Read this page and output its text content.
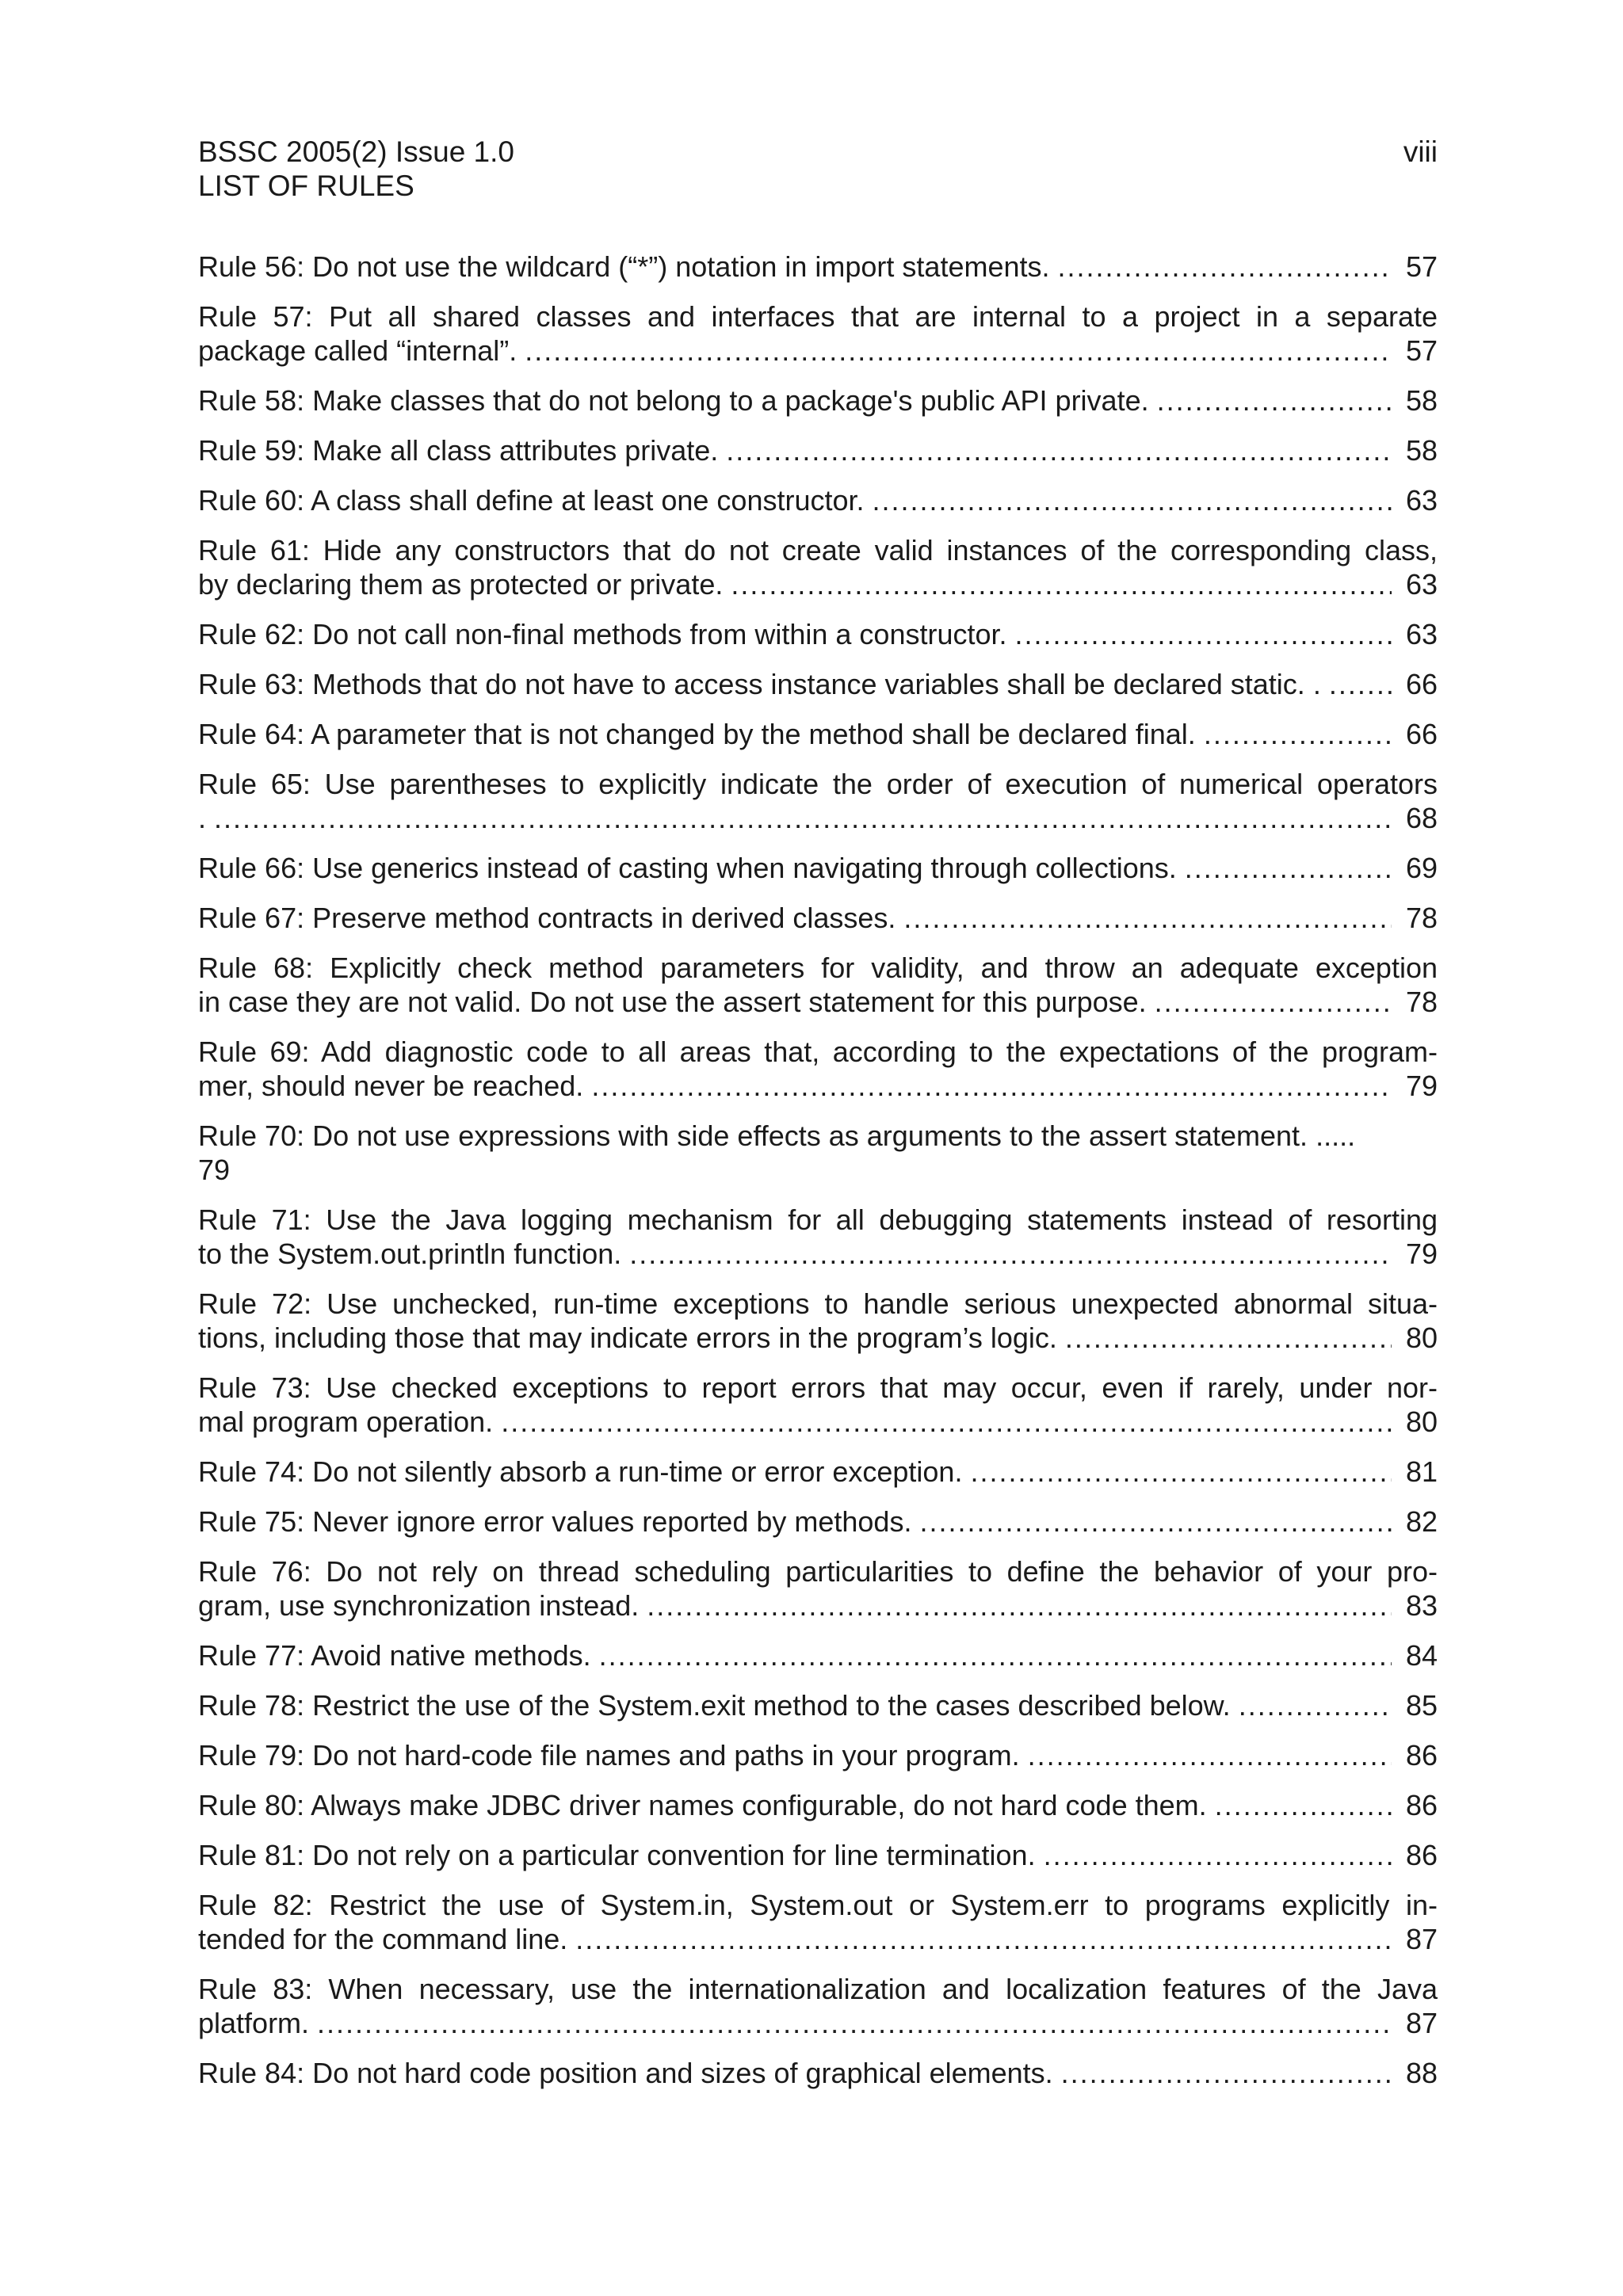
BSSC 2005(2) Issue 1.0	viii
LIST OF RULES
Rule 56: Do not use the wildcard (“*”) notation in import statements. .....	57
Rule 57: Put all shared classes and interfaces that are internal to a project in a separate
package called “internal”. .....	57
Rule 58: Make classes that do not belong to a package's public API private. .....	58
Rule 59: Make all class attributes private. .....	58
Rule 60: A class shall define at least one constructor. .....	63
Rule 61: Hide any constructors that do not create valid instances of the corresponding class,
by declaring them as protected or private. .....	63
Rule 62: Do not call non-final methods from within a constructor. .....	63
Rule 63: Methods that do not have to access instance variables shall be declared static. . .....	66
Rule 64: A parameter that is not changed by the method shall be declared final. .....	66
Rule 65: Use parentheses to explicitly indicate the order of execution of numerical operators
. .....	68
Rule 66: Use generics instead of casting when navigating through collections. .....	69
Rule 67: Preserve method contracts in derived classes. .....	78
Rule 68: Explicitly check method parameters for validity, and throw an adequate exception
in case they are not valid. Do not use the assert statement for this purpose. .....	78
Rule 69: Add diagnostic code to all areas that, according to the expectations of the program-
mer, should never be reached. .....	79
Rule 70: Do not use expressions with side effects as arguments to the assert statement. .....
79
Rule 71: Use the Java logging mechanism for all debugging statements instead of resorting
to the System.out.println function. .....	79
Rule 72: Use unchecked, run-time exceptions to handle serious unexpected abnormal situa-
tions, including those that may indicate errors in the program’s logic. .....	80
Rule 73: Use checked exceptions to report errors that may occur, even if rarely, under nor-
mal program operation. .....	80
Rule 74: Do not silently absorb a run-time or error exception. .....	81
Rule 75: Never ignore error values reported by methods. .....	82
Rule 76: Do not rely on thread scheduling particularities to define the behavior of your pro-
gram, use synchronization instead. .....	83
Rule 77: Avoid native methods. .....	84
Rule 78: Restrict the use of the System.exit method to the cases described below. .....	85
Rule 79: Do not hard-code file names and paths in your program. .....	86
Rule 80: Always make JDBC driver names configurable, do not hard code them. .....	86
Rule 81: Do not rely on a particular convention for line termination. .....	86
Rule 82: Restrict the use of System.in, System.out or System.err to programs explicitly in-
tended for the command line. .....	87
Rule 83: When necessary, use the internationalization and localization features of the Java
platform. .....	87
Rule 84: Do not hard code position and sizes of graphical elements. .....	88
